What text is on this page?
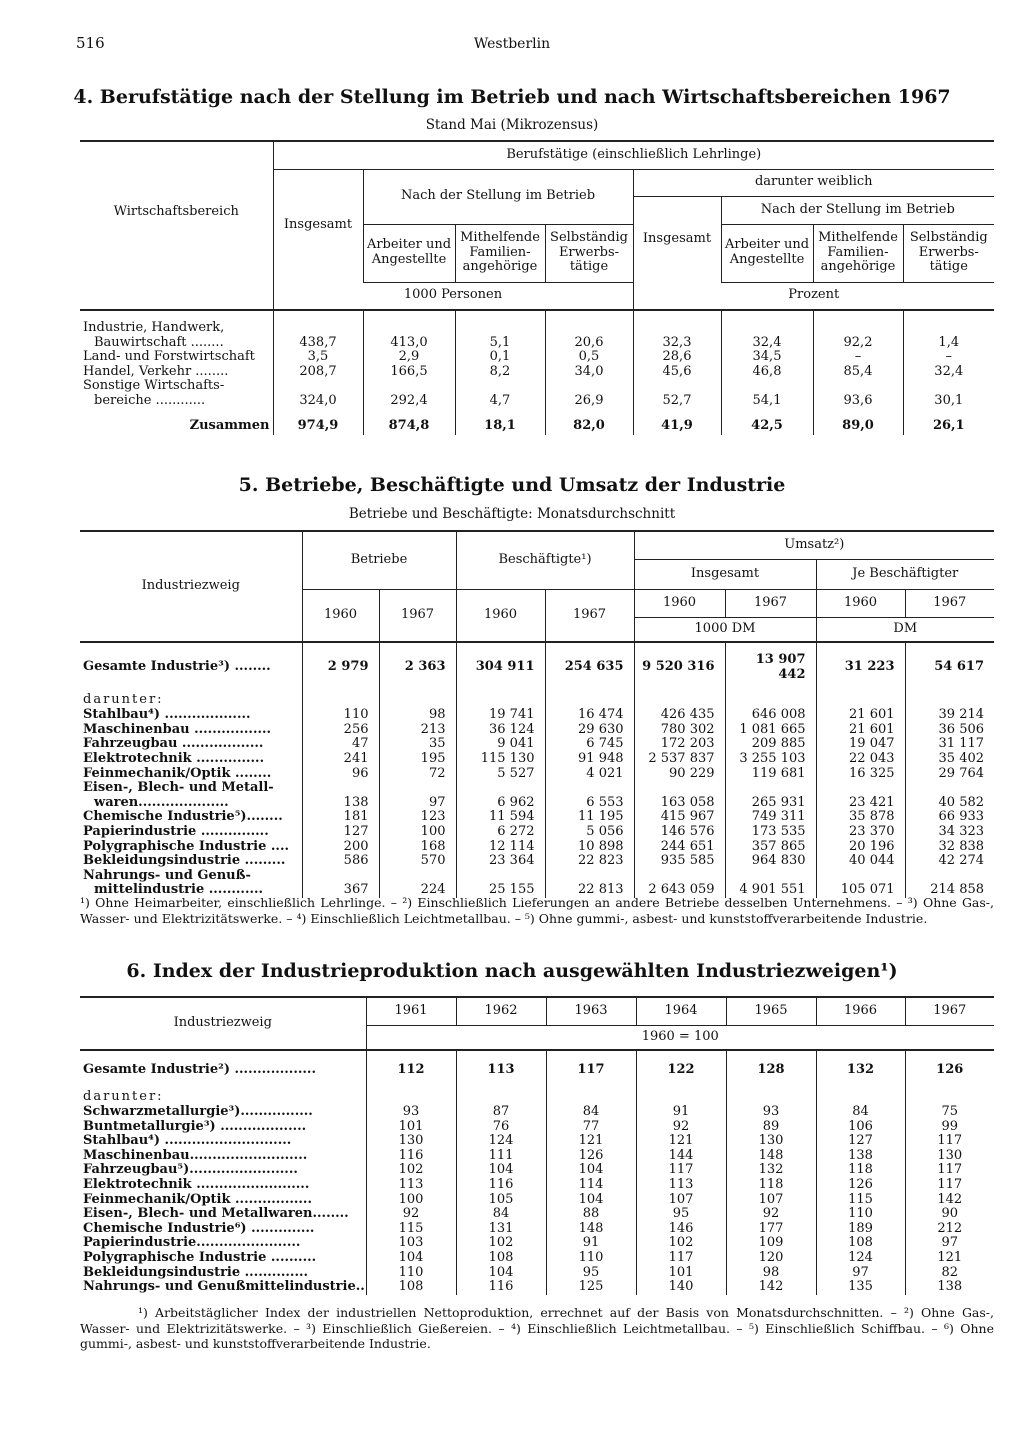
516	Westberlin
4. Berufstätige nach der Stellung im Betrieb und nach Wirtschaftsbereichen 1967
Stand Mai (Mikrozensus)
Wirtschaftsbereich	Berufstätige (einschließlich Lehrlinge)							
	Insgesamt	Nach der Stellung im Betrieb			darunter weiblich			
					Insgesamt	Nach der Stellung im Betrieb		
		Arbeiter und Angestellte	Mithelfende Familien-angehörige	Selbständig Erwerbs-tätige		Arbeiter und Angestellte	Mithelfende Familien-angehörige	Selbständig Erwerbs-tätige
	1000 Personen				Prozent			

Industrie, Handwerk,								
Bauwirtschaft ........	438,7	413,0	5,1	20,6	32,3	32,4	92,2	1,4
Land- und Forstwirtschaft	3,5	2,9	0,1	0,5	28,6	34,5	–	–
Handel, Verkehr ........	208,7	166,5	8,2	34,0	45,6	46,8	85,4	32,4
Sonstige Wirtschafts-								
bereiche ............	324,0	292,4	4,7	26,9	52,7	54,1	93,6	30,1

Zusammen	974,9	874,8	18,1	82,0	41,9	42,5	89,0	26,1
5. Betriebe, Beschäftigte und Umsatz der Industrie
Betriebe und Beschäftigte: Monatsdurchschnitt
Industriezweig	Betriebe		Beschäftigte¹)		Umsatz²)			
					Insgesamt		Je Beschäftigter	
	1960	1967	1960	1967	1960	1967	1960	1967
					1000 DM		DM	

Gesamte Industrie³) ........	2 979	2 363	304 911	254 635	9 520 316	13 907 442	31 223	54 617

darunter:								
Stahlbau⁴) ...................	110	98	19 741	16 474	426 435	646 008	21 601	39 214
Maschinenbau .................	256	213	36 124	29 630	780 302	1 081 665	21 601	36 506
Fahrzeugbau ..................	47	35	9 041	6 745	172 203	209 885	19 047	31 117
Elektrotechnik ...............	241	195	115 130	91 948	2 537 837	3 255 103	22 043	35 402
Feinmechanik/Optik ........	96	72	5 527	4 021	90 229	119 681	16 325	29 764
Eisen-, Blech- und Metall-								
waren....................	138	97	6 962	6 553	163 058	265 931	23 421	40 582
Chemische Industrie⁵)........	181	123	11 594	11 195	415 967	749 311	35 878	66 933
Papierindustrie ...............	127	100	6 272	5 056	146 576	173 535	23 370	34 323
Polygraphische Industrie ....	200	168	12 114	10 898	244 651	357 865	20 196	32 838
Bekleidungsindustrie .........	586	570	23 364	22 823	935 585	964 830	40 044	42 274
Nahrungs- und Genuß-								
mittelindustrie ............	367	224	25 155	22 813	2 643 059	4 901 551	105 071	214 858
¹) Ohne Heimarbeiter, einschließlich Lehrlinge. – ²) Einschließlich Lieferungen an andere Betriebe desselben Unternehmens. – ³) Ohne Gas-, Wasser- und Elektrizitätswerke. – ⁴) Einschließlich Leichtmetallbau. – ⁵) Ohne gummi-, asbest- und kunststoffverarbeitende Industrie.
6. Index der Industrieproduktion nach ausgewählten Industriezweigen¹)
Industriezweig	1961	1962	1963	1964	1965	1966	1967
	1960 = 100						

Gesamte Industrie²) ..................	112	113	117	122	128	132	126

darunter:							
Schwarzmetallurgie³)................	93	87	84	91	93	84	75
Buntmetallurgie³) ...................	101	76	77	92	89	106	99
Stahlbau⁴) ............................	130	124	121	121	130	127	117
Maschinenbau..........................	116	111	126	144	148	138	130
Fahrzeugbau⁵)........................	102	104	104	117	132	118	117
Elektrotechnik .........................	113	116	114	113	118	126	117
Feinmechanik/Optik .................	100	105	104	107	107	115	142
Eisen-, Blech- und Metallwaren........	92	84	88	95	92	110	90
Chemische Industrie⁶) ..............	115	131	148	146	177	189	212
Papierindustrie.......................	103	102	91	102	109	108	97
Polygraphische Industrie ..........	104	108	110	117	120	124	121
Bekleidungsindustrie ..............	110	104	95	101	98	97	82
Nahrungs- und Genußmittelindustrie..	108	116	125	140	142	135	138
¹) Arbeitstäglicher Index der industriellen Nettoproduktion, errechnet auf der Basis von Monatsdurchschnitten. – ²) Ohne Gas-, Wasser- und Elektrizitätswerke. – ³) Einschließlich Gießereien. – ⁴) Einschließlich Leichtmetallbau. – ⁵) Einschließlich Schiffbau. – ⁶) Ohne gummi-, asbest- und kunststoffverarbeitende Industrie.
